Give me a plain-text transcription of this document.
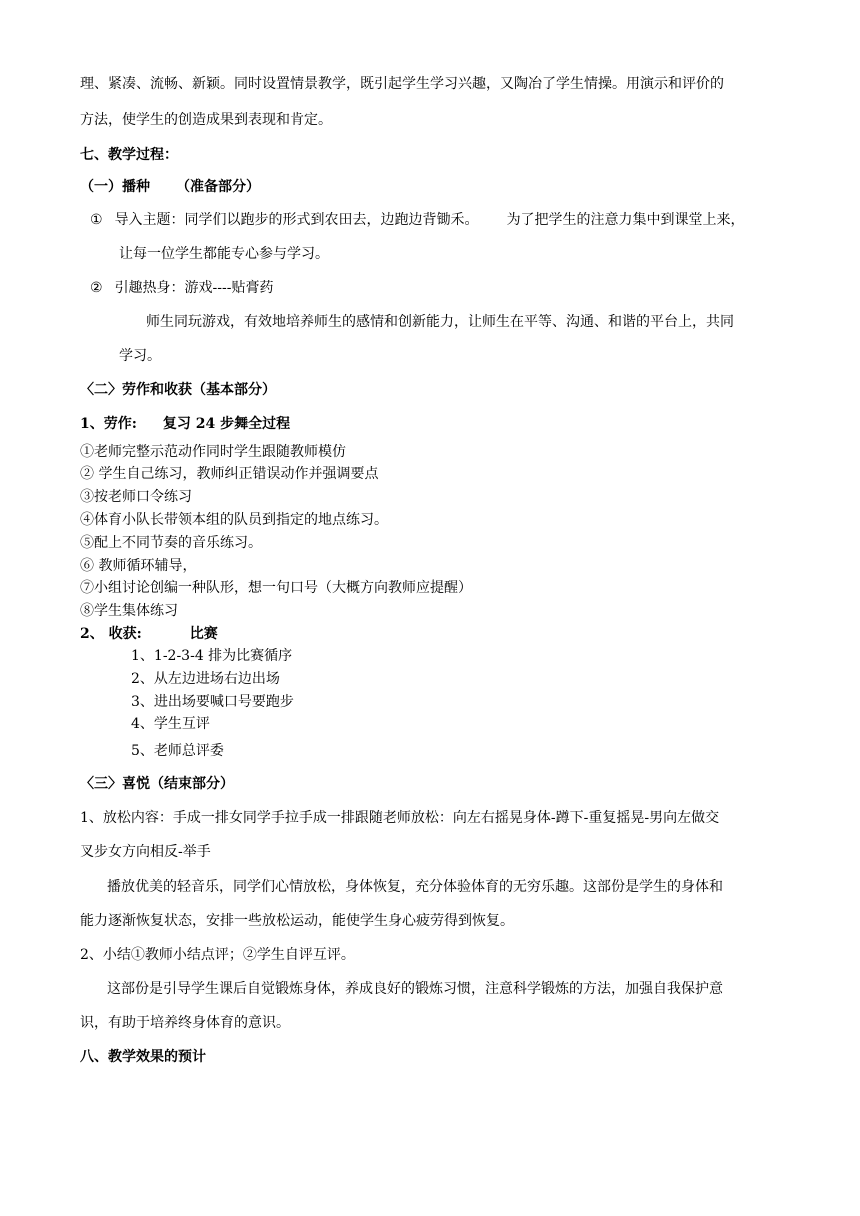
理、紧凑、流畅、新颖。同时设置情景教学，既引起学生学习兴趣，又陶冶了学生情操。用演示和评价的
方法，使学生的创造成果到表现和肯定。
七、教学过程：
（一）播种 （准备部分）
① 导入主题：同学们以跑步的形式到农田去，边跑边背锄禾。 为了把学生的注意力集中到课堂上来，
让每一位学生都能专心参与学习。
② 引趣热身：游戏----贴膏药
师生同玩游戏，有效地培养师生的感情和创新能力，让师生在平等、沟通、和谐的平台上，共同
学习。
〈二〉劳作和收获（基本部分）
1、劳作: 复习 24 步舞全过程
①老师完整示范动作同时学生跟随教师模仿
② 学生自己练习，教师纠正错误动作并强调要点
③按老师口令练习
④体育小队长带领本组的队员到指定的地点练习。
⑤配上不同节奏的音乐练习。
⑥ 教师循环辅导，
⑦小组讨论创编一种队形，想一句口号（大概方向教师应提醒）
⑧学生集体练习
2、 收获:	比赛
1、1-2-3-4 排为比赛循序
2、从左边进场右边出场
3、进出场要喊口号要跑步
4、学生互评
5、老师总评委
〈三〉喜悦（结束部分）
1、放松内容：手成一排女同学手拉手成一排跟随老师放松：向左右摇晃身体-蹲下-重复摇晃-男向左做交
叉步女方向相反-举手
播放优美的轻音乐，同学们心情放松，身体恢复，充分体验体育的无穷乐趣。这部份是学生的身体和
能力逐渐恢复状态，安排一些放松运动，能使学生身心疲劳得到恢复。
2、小结①教师小结点评；②学生自评互评。
这部份是引导学生课后自觉锻炼身体，养成良好的锻炼习惯，注意科学锻炼的方法，加强自我保护意
识，有助于培养终身体育的意识。
八、教学效果的预计
